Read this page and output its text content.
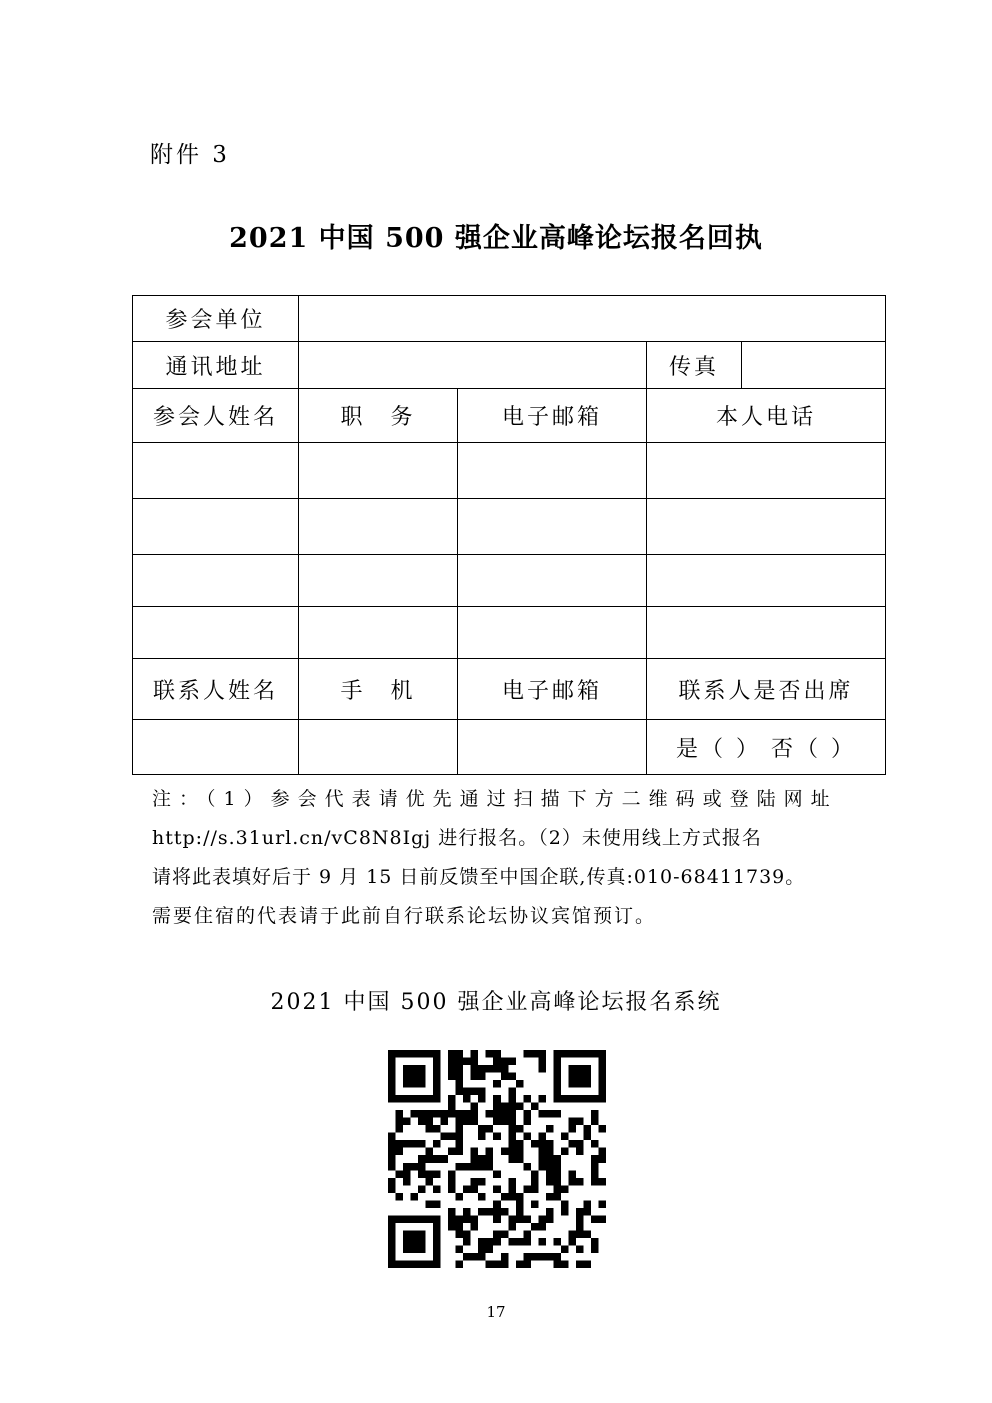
附件 3
2021 中国 500 强企业高峰论坛报名回执
参会单位				
通讯地址			传真	
参会人姓名	职　务	电子邮箱	本人电话	

联系人姓名	手　机	电子邮箱	联系人是否出席	
			是（ ） 否（ ）	

注：（1）参会代表请优先通过扫描下方二维码或登陆网址

http://s.31url.cn/vC8N8Igj 进行报名。（2）未使用线上方式报名

请将此表填好后于 9 月 15 日前反馈至中国企联,传真:010-68411739。

需要住宿的代表请于此前自行联系论坛协议宾馆预订。

2021 中国 500 强企业高峰论坛报名系统
17
